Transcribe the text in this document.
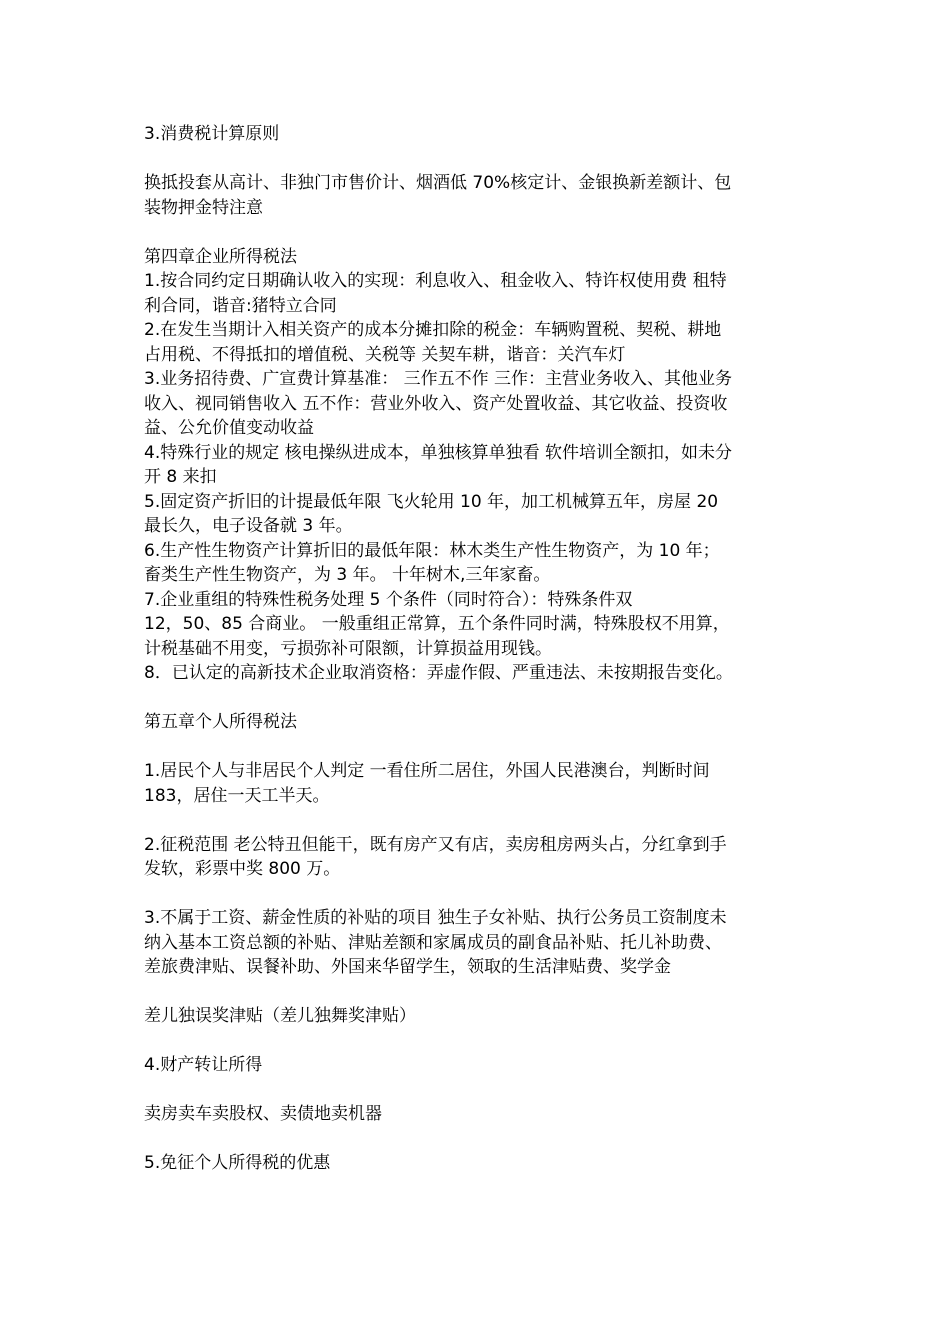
3.消费税计算原则
换抵投套从高计、非独门市售价计、烟酒低 70%核定计、金银换新差额计、包
装物押金特注意
第四章企业所得税法
1.按合同约定日期确认收入的实现：利息收入、租金收入、特许权使用费 租特
利合同，谐音:猪特立合同
2.在发生当期计入相关资产的成本分摊扣除的税金：车辆购置税、契税、耕地
占用税、不得抵扣的增值税、关税等 关契车耕，谐音：关汽车灯
3.业务招待费、广宣费计算基准： 三作五不作 三作：主营业务收入、其他业务
收入、视同销售收入 五不作：营业外收入、资产处置收益、其它收益、投资收
益、公允价值变动收益
4.特殊行业的规定 核电操纵进成本，单独核算单独看 软件培训全额扣，如未分
开 8 来扣
5.固定资产折旧的计提最低年限 飞火轮用 10 年，加工机械算五年，房屋 20
最长久，电子设备就 3 年。
6.生产性生物资产计算折旧的最低年限：林木类生产性生物资产，为 10 年；
畜类生产性生物资产，为 3 年。 十年树木,三年家畜。
7.企业重组的特殊性税务处理 5 个条件（同时符合）：特殊条件双
12，50、85 合商业。 一般重组正常算，五个条件同时满，特殊股权不用算，
计税基础不用变，亏损弥补可限额，计算损益用现钱。
8．已认定的高新技术企业取消资格：弄虚作假、严重违法、未按期报告变化。
第五章个人所得税法
1.居民个人与非居民个人判定 一看住所二居住，外国人民港澳台，判断时间
183，居住一天工半天。
2.征税范围 老公特丑但能干，既有房产又有店，卖房租房两头占，分红拿到手
发软，彩票中奖 800 万。
3.不属于工资、薪金性质的补贴的项目 独生子女补贴、执行公务员工资制度未
纳入基本工资总额的补贴、津贴差额和家属成员的副食品补贴、托儿补助费、
差旅费津贴、误餐补助、外国来华留学生，领取的生活津贴费、奖学金
差儿独误奖津贴（差儿独舞奖津贴）
4.财产转让所得
卖房卖车卖股权、卖债地卖机器
5.免征个人所得税的优惠
